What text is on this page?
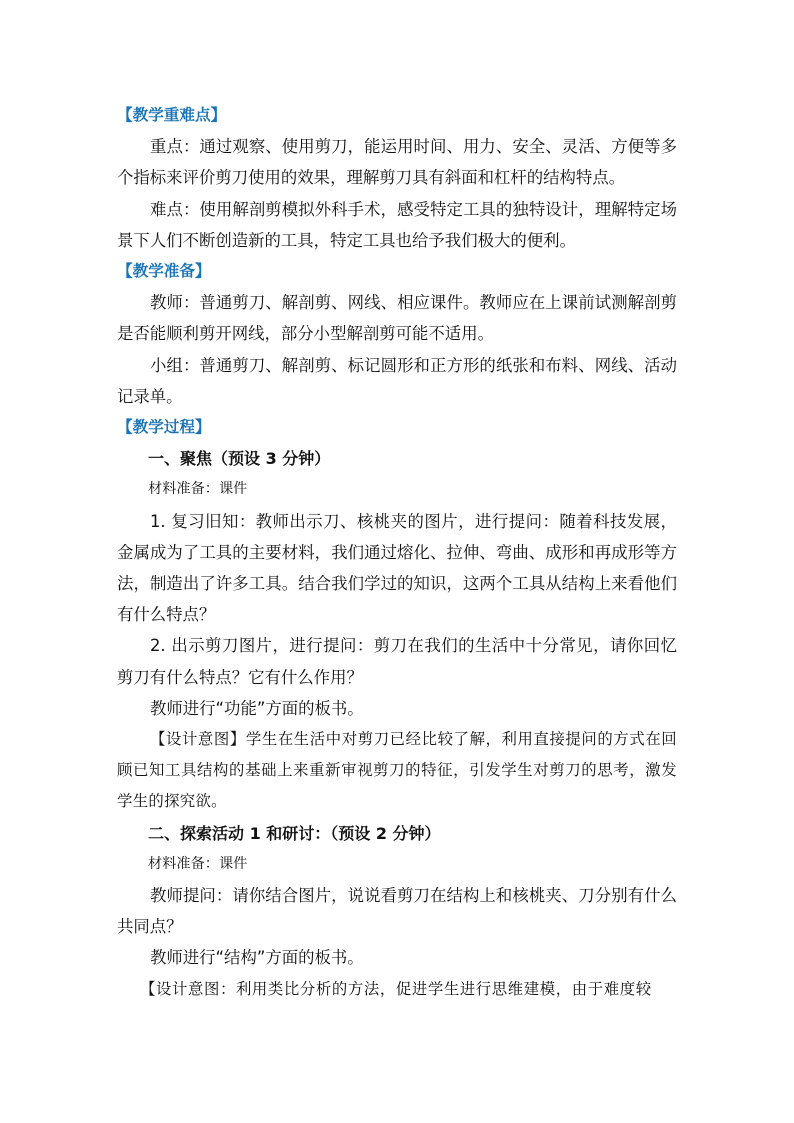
【教学重难点】

重点：通过观察、使用剪刀，能运用时间、用力、安全、灵活、方便等多个指标来评价剪刀使用的效果，理解剪刀具有斜面和杠杆的结构特点。

难点：使用解剖剪模拟外科手术，感受特定工具的独特设计，理解特定场景下人们不断创造新的工具，特定工具也给予我们极大的便利。

【教学准备】

教师：普通剪刀、解剖剪、网线、相应课件。教师应在上课前试测解剖剪是否能顺利剪开网线，部分小型解剖剪可能不适用。

小组：普通剪刀、解剖剪、标记圆形和正方形的纸张和布料、网线、活动记录单。

【教学过程】

一、聚焦（预设 3 分钟）

材料准备：课件

1. 复习旧知：教师出示刀、核桃夹的图片，进行提问：随着科技发展，金属成为了工具的主要材料，我们通过熔化、拉伸、弯曲、成形和再成形等方法，制造出了许多工具。结合我们学过的知识，这两个工具从结构上来看他们有什么特点？

2. 出示剪刀图片，进行提问：剪刀在我们的生活中十分常见，请你回忆剪刀有什么特点？它有什么作用？

教师进行“功能”方面的板书。

【设计意图】学生在生活中对剪刀已经比较了解，利用直接提问的方式在回顾已知工具结构的基础上来重新审视剪刀的特征，引发学生对剪刀的思考，激发学生的探究欲。

二、探索活动 1 和研讨：（预设 2 分钟）

材料准备：课件

教师提问：请你结合图片，说说看剪刀在结构上和核桃夹、刀分别有什么共同点？

教师进行“结构”方面的板书。

【设计意图：利用类比分析的方法，促进学生进行思维建模，由于难度较
